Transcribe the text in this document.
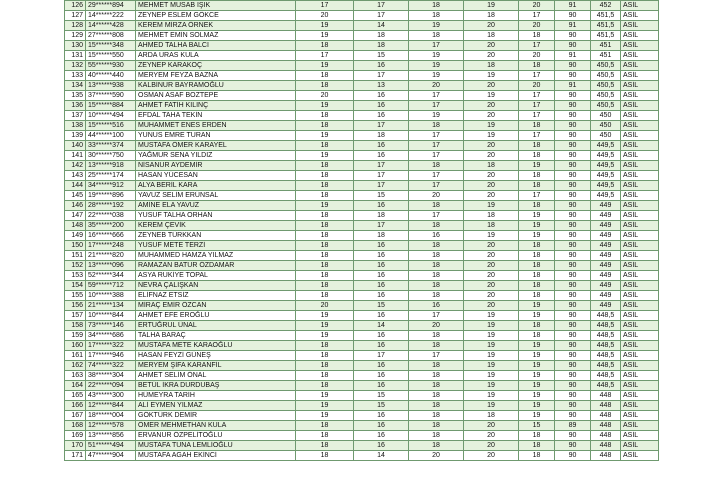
126	29******894	MEHMET MUSAB IŞIK	17	17	18	19	20	91	452	ASİL
127	14******222	ZEYNEP ESLEM GÖKCE	20	17	18	18	17	90	451,5	ASİL
128	14******428	KEREM MİRZA ÖRNEK	19	14	19	20	20	91	451,5	ASİL
129	27******808	MEHMET EMİN SOLMAZ	19	18	18	18	18	90	451,5	ASİL
130	15******348	AHMED TALHA BALCI	18	18	17	20	17	90	451	ASİL
131	15******550	ARDA URAS KULA	17	15	19	20	20	91	451	ASİL
132	55******930	ZEYNEP KARAKOÇ	19	16	19	18	18	90	450,5	ASİL
133	40******440	MERYEM FEYZA BAZNA	18	17	19	19	17	90	450,5	ASİL
134	13******938	KALBİNUR BAYRAMOĞLU	18	13	20	20	20	91	450,5	ASİL
135	37******590	OSMAN ASAF BOZTEPE	20	16	17	19	17	90	450,5	ASİL
136	15******884	AHMET FATİH KILINÇ	19	16	17	20	17	90	450,5	ASİL
137	10******494	EFDAL TAHA TEKİN	18	16	19	20	17	90	450	ASİL
138	15******516	MUHAMMET ENES ERDEN	18	17	18	19	18	90	450	ASİL
139	44******100	YUNUS EMRE TURAN	19	18	17	19	17	90	450	ASİL
140	33******374	MUSTAFA ÖMER KARAYEL	18	16	17	20	18	90	449,5	ASİL
141	30******750	YAĞMUR SENA YILDIZ	19	16	17	20	18	90	449,5	ASİL
142	13******918	NİSANUR AYDEMİR	18	17	18	18	19	90	449,5	ASİL
143	25******174	HASAN YÜCESAN	18	17	17	20	18	90	449,5	ASİL
144	34******912	ALYA BERİL KARA	18	17	17	20	18	90	449,5	ASİL
145	19******896	YAVUZ SELİM ERÜNSAL	18	15	20	20	17	90	449,5	ASİL
146	28******192	AMİNE ELA YAVUZ	19	16	18	19	18	90	449	ASİL
147	22******038	YUSUF TALHA ORHAN	18	18	17	18	19	90	449	ASİL
148	35******200	KEREM ÇEVİK	18	17	18	18	19	90	449	ASİL
149	16******666	ZEYNEB TÜRKKAN	18	18	16	19	19	90	449	ASİL
150	17******248	YUSUF METE TERZİ	18	16	18	20	18	90	449	ASİL
151	21******820	MUHAMMED HAMZA YILMAZ	18	16	18	20	18	90	449	ASİL
152	13******096	RAMAZAN BATUR ÖZDAMAR	18	16	18	20	18	90	449	ASİL
153	52******344	ASYA RUKİYE TOPAL	18	16	18	20	18	90	449	ASİL
154	59******712	NEVRA ÇALIŞKAN	18	16	18	20	18	90	449	ASİL
155	10******388	ELİFNAZ ETSİZ	18	16	18	20	18	90	449	ASİL
156	21******134	MİRAÇ EMİR ÖZCAN	20	15	16	20	19	90	449	ASİL
157	10******844	AHMET EFE EROĞLU	19	16	17	19	19	90	448,5	ASİL
158	73******146	ERTUĞRUL ÜNAL	19	14	20	19	18	90	448,5	ASİL
159	34******686	TALHA BARAÇ	19	16	18	19	18	90	448,5	ASİL
160	17******322	MUSTAFA METE KARAOĞLU	18	16	18	19	19	90	448,5	ASİL
161	17******946	HASAN FEYZİ GÜNEŞ	18	17	17	19	19	90	448,5	ASİL
162	74******322	MERYEM ŞİFA KARANFİL	18	16	18	19	19	90	448,5	ASİL
163	38******304	AHMET SELİM ÖNAL	18	16	18	19	19	90	448,5	ASİL
164	22******094	BETÜL İKRA DURDUBAŞ	18	16	18	19	19	90	448,5	ASİL
165	43******300	HÜMEYRA TARİH	19	15	18	19	19	90	448	ASİL
166	12******844	ALİ EYMEN YILMAZ	19	15	18	19	19	90	448	ASİL
167	18******004	GÖKTÜRK DEMİR	19	16	18	18	19	90	448	ASİL
168	12******578	ÖMER MEHMETHAN KULA	18	16	18	20	15	89	448	ASİL
169	13******856	ERVANUR ÖZPELİTOĞLU	18	16	18	20	18	90	448	ASİL
170	51******494	MUSTAFA TUNA LEMLİOĞLU	18	16	18	20	18	90	448	ASİL
171	47******904	MUSTAFA AGAH EKİNCİ	18	14	20	20	18	90	448	ASİL
